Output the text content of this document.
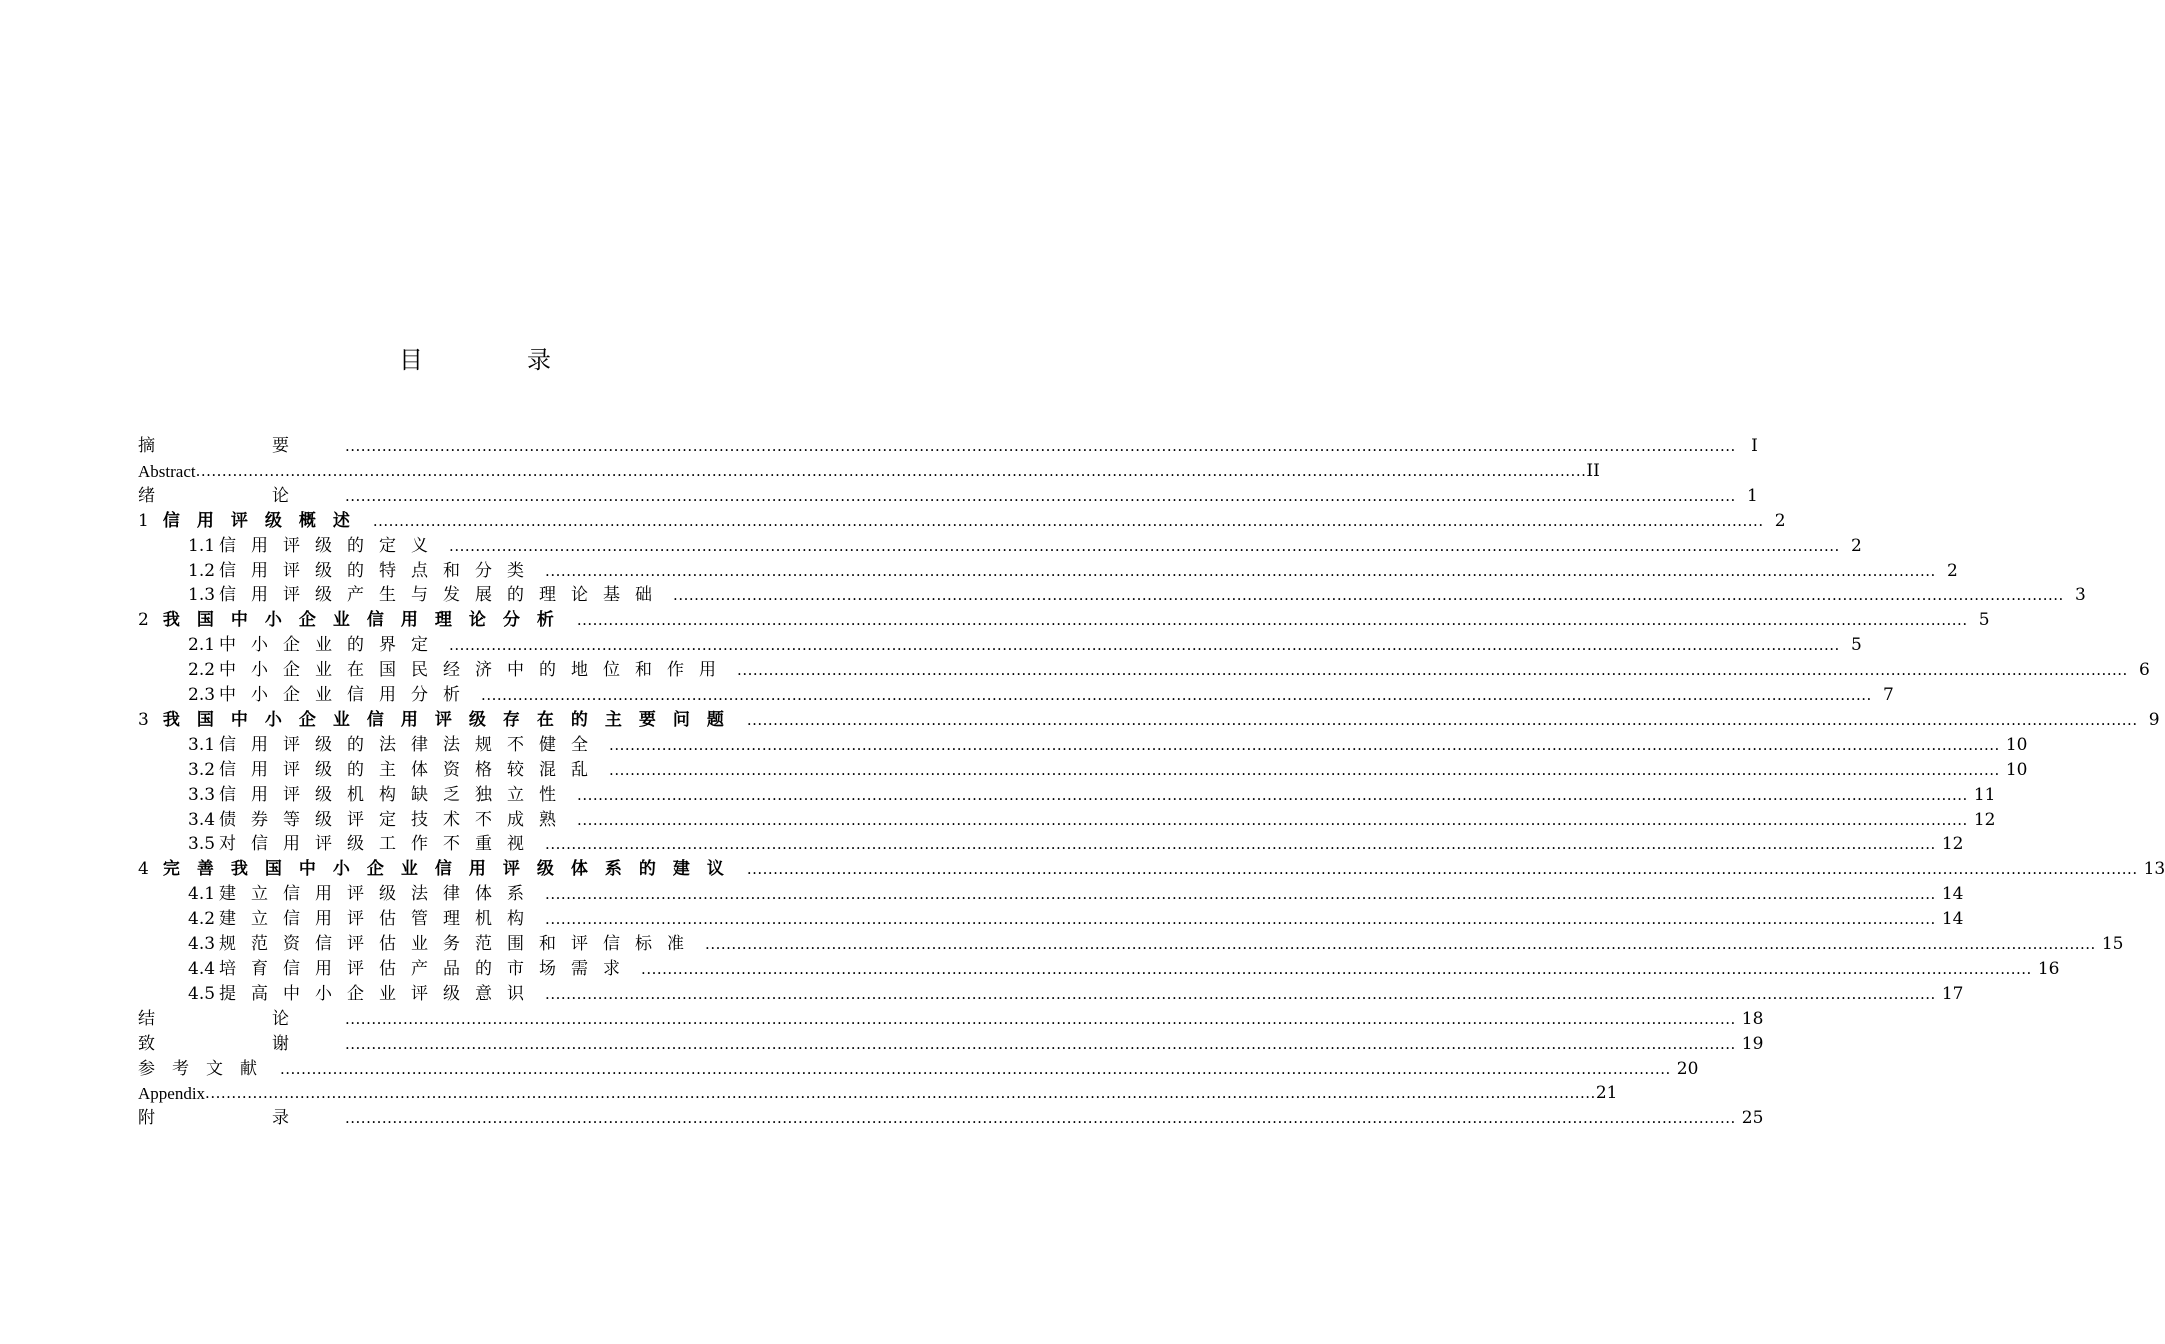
目　录
摘　要 ........................................................................................................................................................................................................................................................................ I
Abstract ........................................................................................................................................................................................................................................................................ II
绪　论 ........................................................................................................................................................................................................................................................................ 1
1 信用评级概述 ........................................................................................................................................................................................................................................................................ 2
1.1 信用评级的定义 ........................................................................................................................................................................................................................................................................ 2
1.2 信用评级的特点和分类 ........................................................................................................................................................................................................................................................................ 2
1.3 信用评级产生与发展的理论基础 ........................................................................................................................................................................................................................................................................ 3
2 我国中小企业信用理论分析 ........................................................................................................................................................................................................................................................................ 5
2.1 中小企业的界定 ........................................................................................................................................................................................................................................................................ 5
2.2 中小企业在国民经济中的地位和作用 ........................................................................................................................................................................................................................................................................ 6
2.3 中小企业信用分析 ........................................................................................................................................................................................................................................................................ 7
3 我国中小企业信用评级存在的主要问题 ........................................................................................................................................................................................................................................................................ 9
3.1 信用评级的法律法规不健全 ........................................................................................................................................................................................................................................................................ 10
3.2 信用评级的主体资格较混乱 ........................................................................................................................................................................................................................................................................ 10
3.3 信用评级机构缺乏独立性 ........................................................................................................................................................................................................................................................................ 11
3.4 债券等级评定技术不成熟 ........................................................................................................................................................................................................................................................................ 12
3.5 对信用评级工作不重视 ........................................................................................................................................................................................................................................................................ 12
4 完善我国中小企业信用评级体系的建议 ........................................................................................................................................................................................................................................................................ 13
4.1 建立信用评级法律体系 ........................................................................................................................................................................................................................................................................ 14
4.2 建立信用评估管理机构 ........................................................................................................................................................................................................................................................................ 14
4.3 规范资信评估业务范围和评信标准 ........................................................................................................................................................................................................................................................................ 15
4.4 培育信用评估产品的市场需求 ........................................................................................................................................................................................................................................................................ 16
4.5 提高中小企业评级意识 ........................................................................................................................................................................................................................................................................ 17
结　论 ........................................................................................................................................................................................................................................................................ 18
致　谢 ........................................................................................................................................................................................................................................................................ 19
参考文献 ........................................................................................................................................................................................................................................................................ 20
Appendix ........................................................................................................................................................................................................................................................................ 21
附　录 ........................................................................................................................................................................................................................................................................ 25
